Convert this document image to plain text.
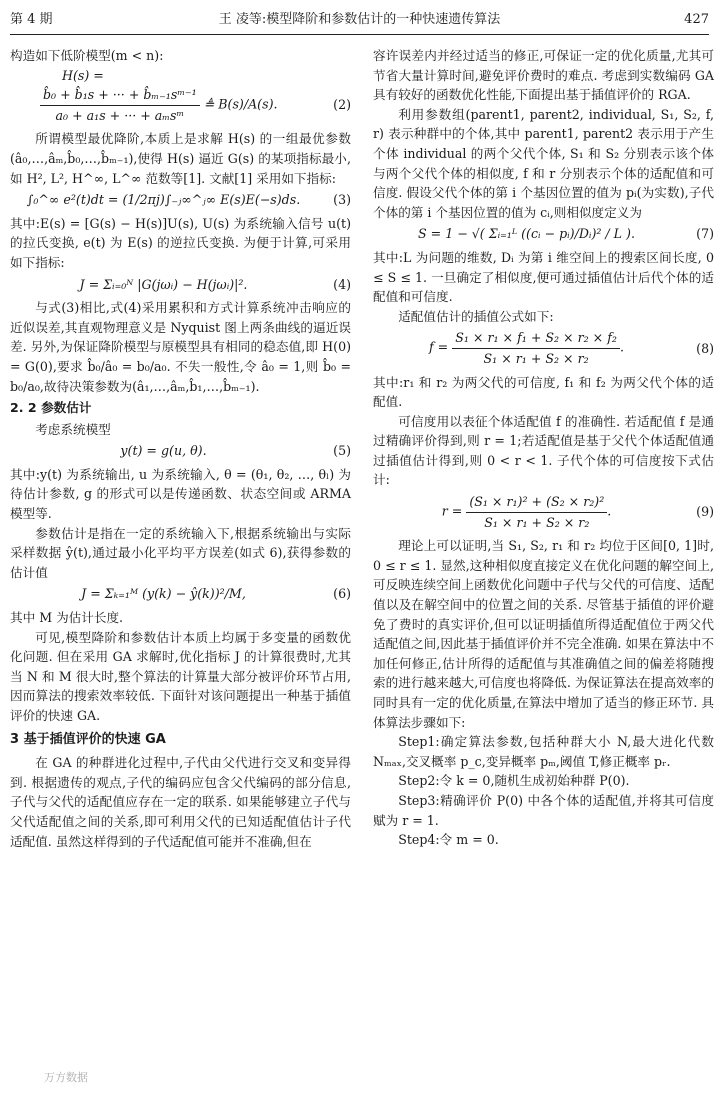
第 4 期	王 凌等:模型降阶和参数估计的一种快速遗传算法	427

构造如下低阶模型(m < n):

H(s) =
$\frac{\text{b̂₀ + b̂₁s + ··· + b̂ₘ₋₁sᵐ⁻¹}}{\text{a₀ + a₁s + ··· + aₘsᵐ}}$ ≜ B(s)/A(s).	(2)

所谓模型最优降阶,本质上是求解 H(s) 的一组最优参数(â₀,…,âₘ,b̂₀,…,b̂ₘ₋₁),使得 H(s) 逼近 G(s) 的某项指标最小,如 H², L², H^∞, L^∞ 范数等[1]. 文献[1] 采用如下指标:

∫₀^∞ e²(t)dt = (1/2πj)∫₋ⱼ∞^ⱼ∞ E(s)E(−s)ds.	(3)

其中:E(s) = [G(s) − H(s)]U(s), U(s) 为系统输入信号 u(t) 的拉氏变换, e(t) 为 E(s) 的逆拉氏变换. 为便于计算,可采用如下指标:

J = Σᵢ₌₀ᴺ |G(jωᵢ) − H(jωᵢ)|².	(4)

与式(3)相比,式(4)采用累积和方式计算系统冲击响应的近似误差,其直观物理意义是 Nyquist 图上两条曲线的逼近误差. 另外,为保证降阶模型与原模型具有相同的稳态值,即 H(0) = G(0),要求 b̂₀/â₀ = b₀/a₀. 不失一般性,令 â₀ = 1,则 b̂₀ = b₀/a₀,故待决策参数为(â₁,…,âₘ,b̂₁,…,b̂ₘ₋₁).

2. 2 参数估计

考虑系统模型

y(t) = g(u, θ).	(5)

其中:y(t) 为系统输出, u 为系统输入, θ = (θ₁, θ₂, …, θₗ) 为待估计参数, g 的形式可以是传递函数、状态空间或 ARMA 模型等.

参数估计是指在一定的系统输入下,根据系统输出与实际采样数据 ŷ(t),通过最小化平均平方误差(如式 6),获得参数的估计值

J = Σₖ₌₁ᴹ (y(k) − ŷ(k))²/M,	(6)

其中 M 为估计长度.

可见,模型降阶和参数估计本质上均属于多变量的函数优化问题. 但在采用 GA 求解时,优化指标 J 的计算很费时,尤其当 N 和 M 很大时,整个算法的计算量大部分被评价环节占用,因而算法的搜索效率较低. 下面针对该问题提出一种基于插值评价的快速 GA.

3 基于插值评价的快速 GA

在 GA 的种群进化过程中,子代由父代进行交叉和变异得到. 根据遗传的观点,子代的编码应包含父代编码的部分信息,子代与父代的适配值应存在一定的联系. 如果能够建立子代与父代适配值之间的关系,即可利用父代的已知适配值估计子代适配值. 虽然这样得到的子代适配值可能并不准确,但在

容许误差内并经过适当的修正,可保证一定的优化质量,尤其可节省大量计算时间,避免评价费时的难点. 考虑到实数编码 GA 具有较好的函数优化性能,下面提出基于插值评价的 RGA.

利用参数组(parent1, parent2, individual, S₁, S₂, f, r) 表示种群中的个体,其中 parent1, parent2 表示用于产生个体 individual 的两个父代个体, S₁ 和 S₂ 分别表示该个体与两个父代个体的相似度, f 和 r 分别表示个体的适配值和可信度. 假设父代个体的第 i 个基因位置的值为 pᵢ(为实数),子代个体的第 i 个基因位置的值为 cᵢ,则相似度定义为

S = 1 − √( Σᵢ₌₁ᴸ ((cᵢ − pᵢ)/Dᵢ)² / L ).	(7)

其中:L 为问题的维数, Dᵢ 为第 i 维空间上的搜索区间长度, 0 ≤ S ≤ 1. 一旦确定了相似度,便可通过插值估计后代个体的适配值和可信度.

适配值估计的插值公式如下:

$f = \frac{\text{S₁ × r₁ × f₁ + S₂ × r₂ × f₂}}{\text{S₁ × r₁ + S₂ × r₂}}$ .	(8)

其中:r₁ 和 r₂ 为两父代的可信度, f₁ 和 f₂ 为两父代个体的适配值.

可信度用以表征个体适配值 f 的准确性. 若适配值 f 是通过精确评价得到,则 r = 1;若适配值是基于父代个体适配值通过插值估计得到,则 0 < r < 1. 子代个体的可信度按下式估计:

$r = \frac{\text{(S₁ × r₁)² + (S₂ × r₂)²}}{\text{S₁ × r₁ + S₂ × r₂}}$ .	(9)

理论上可以证明,当 S₁, S₂, r₁ 和 r₂ 均位于区间[0, 1]时, 0 ≤ r ≤ 1. 显然,这种相似度直接定义在优化问题的解空间上,可反映连续空间上函数优化问题中子代与父代的可信度、适配值以及在解空间中的位置之间的关系. 尽管基于插值的评价避免了费时的真实评价,但可以证明插值所得适配值位于两父代适配值之间,因此基于插值评价并不完全准确. 如果在算法中不加任何修正,估计所得的适配值与其准确值之间的偏差将随搜索的进行越来越大,可信度也将降低. 为保证算法在提高效率的同时具有一定的优化质量,在算法中增加了适当的修正环节. 具体算法步骤如下:

Step1:确定算法参数,包括种群大小 N,最大进化代数 Nₘₐₓ,交叉概率 p_c,变异概率 pₘ,阈值 T,修正概率 pᵣ.

Step2:令 k = 0,随机生成初始种群 P(0).

Step3:精确评价 P(0) 中各个体的适配值,并将其可信度赋为 r = 1.

Step4:令 m = 0.

万方数据
